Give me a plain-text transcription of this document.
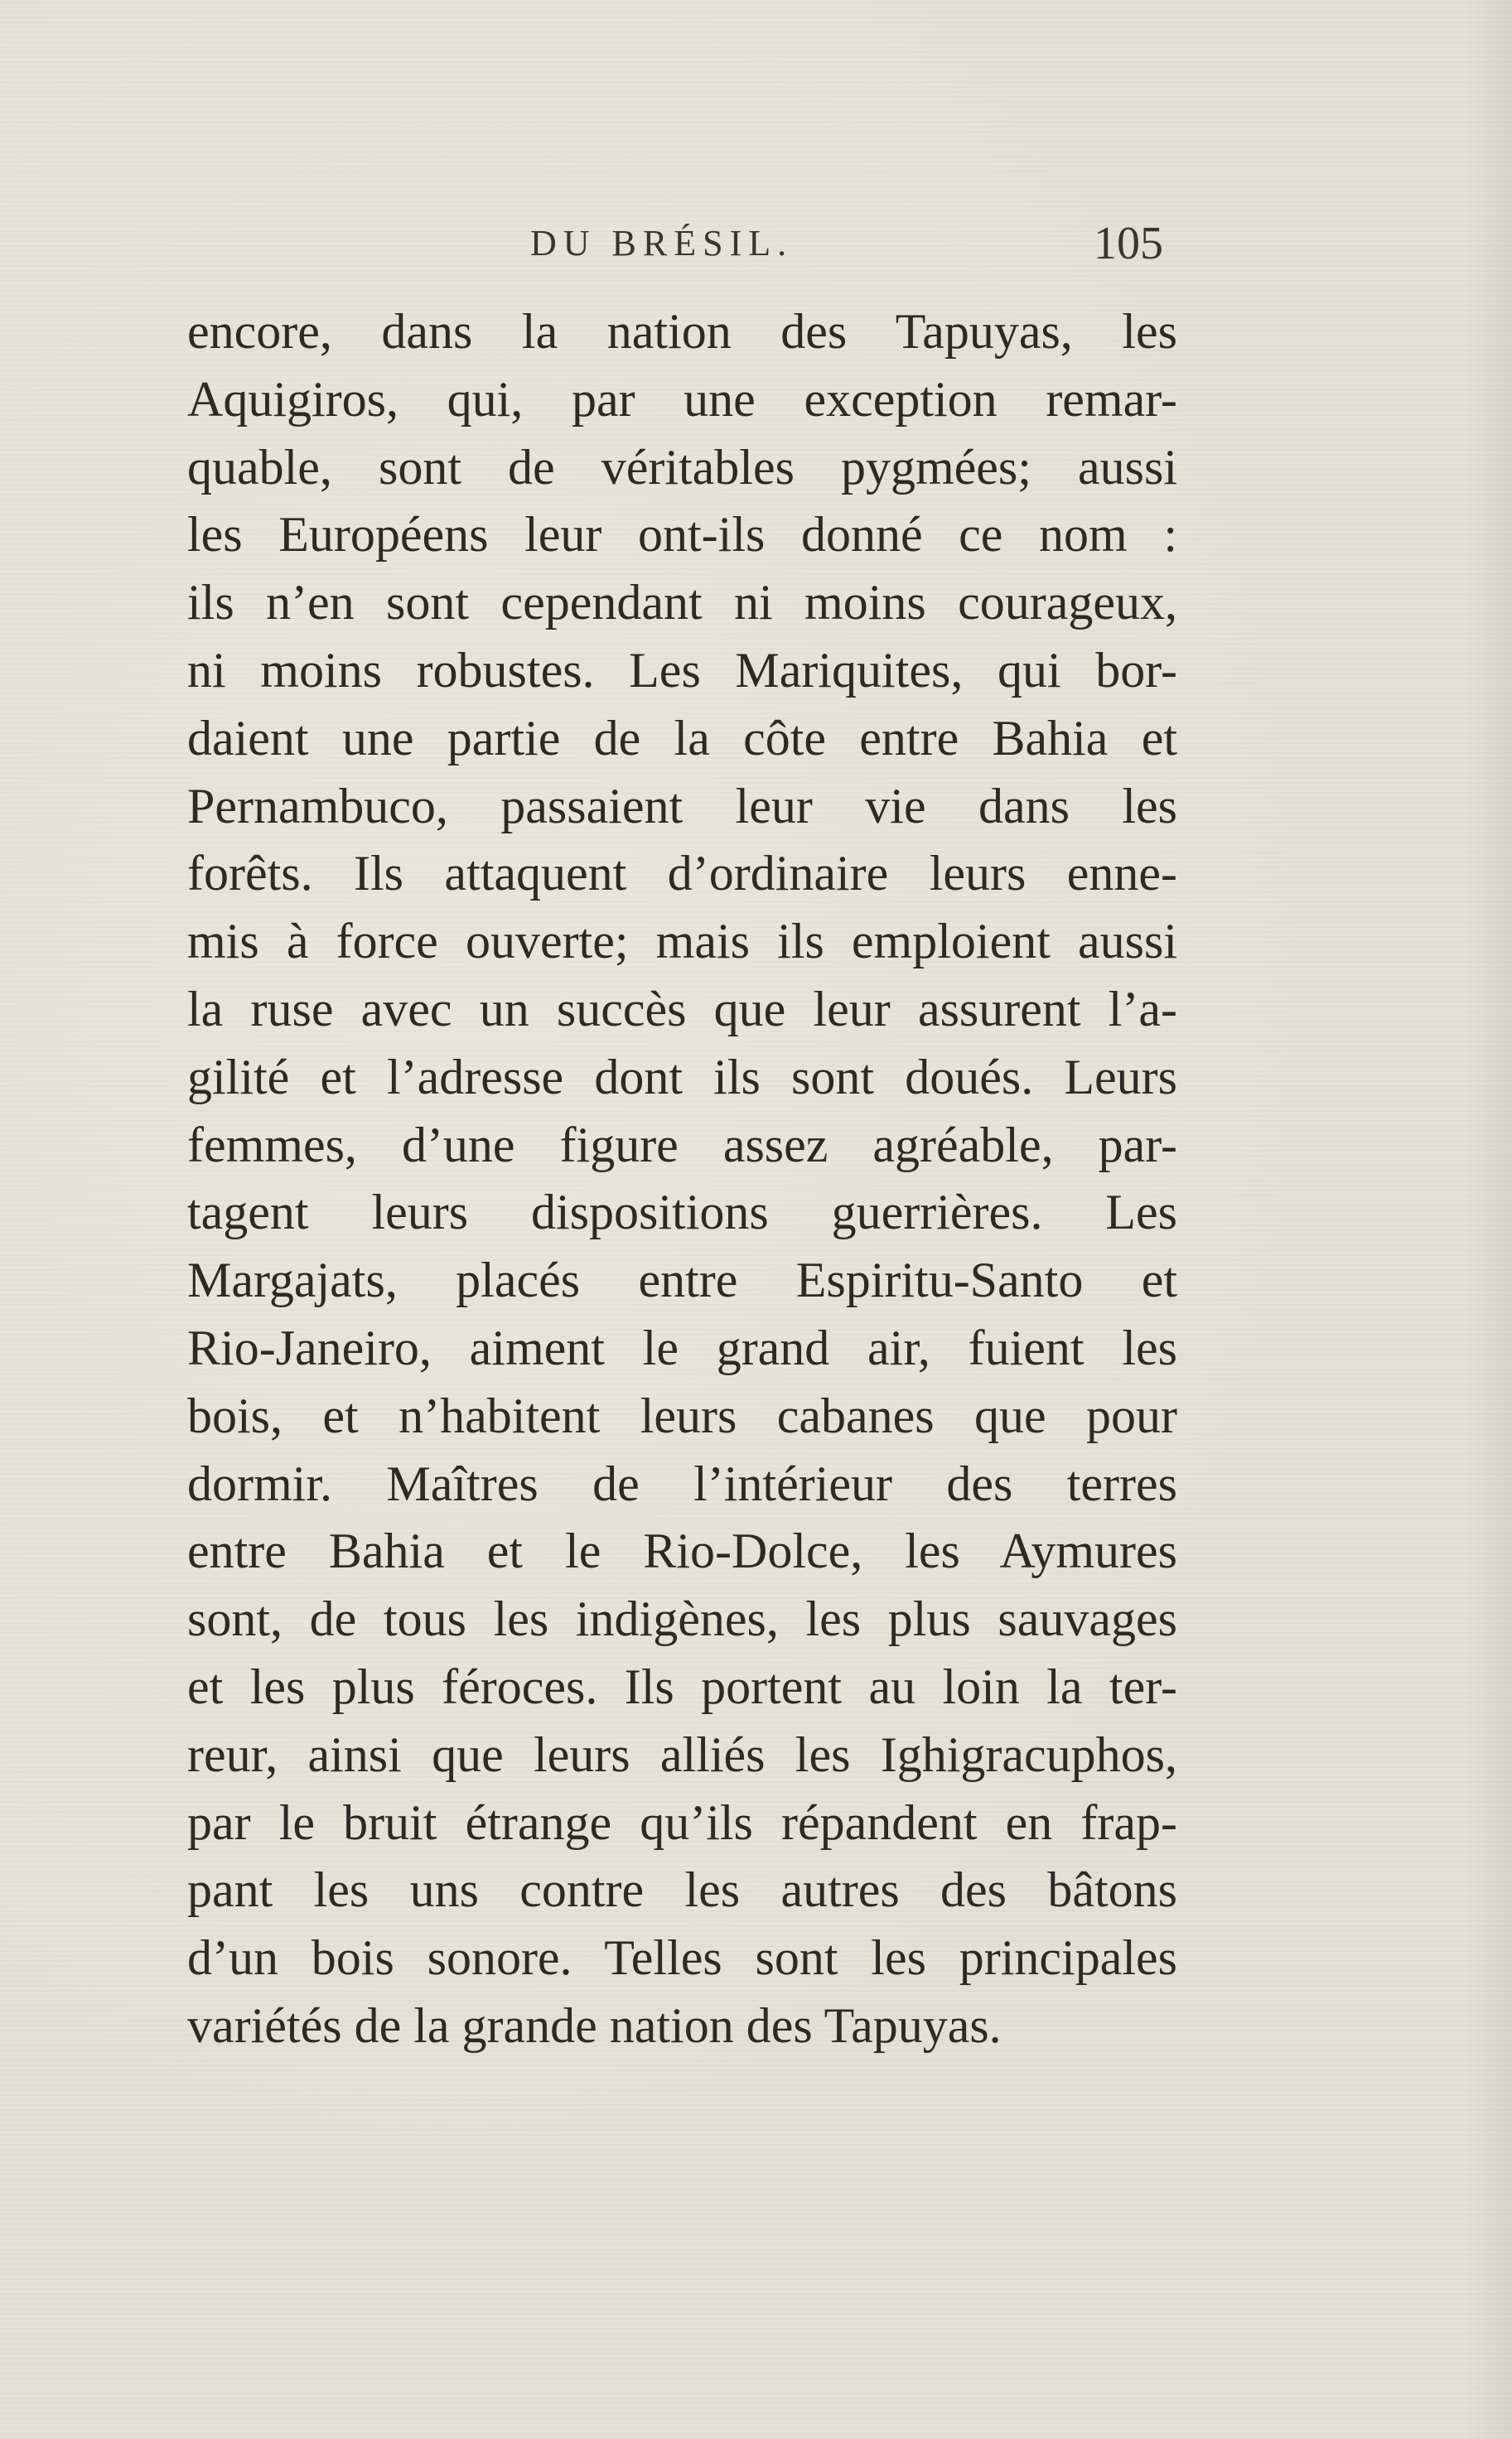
DU BRÉSIL.	105
encore, dans la nation des Tapuyas, les
Aquigiros, qui, par une exception remar-
quable, sont de véritables pygmées; aussi
les Européens leur ont-ils donné ce nom :
ils n’en sont cependant ni moins courageux,
ni moins robustes. Les Mariquites, qui bor-
daient une partie de la côte entre Bahia et
Pernambuco, passaient leur vie dans les
forêts. Ils attaquent d’ordinaire leurs enne-
mis à force ouverte; mais ils emploient aussi
la ruse avec un succès que leur assurent l’a-
gilité et l’adresse dont ils sont doués. Leurs
femmes, d’une figure assez agréable, par-
tagent leurs dispositions guerrières. Les
Margajats, placés entre Espiritu-Santo et
Rio-Janeiro, aiment le grand air, fuient les
bois, et n’habitent leurs cabanes que pour
dormir. Maîtres de l’intérieur des terres
entre Bahia et le Rio-Dolce, les Aymures
sont, de tous les indigènes, les plus sauvages
et les plus féroces. Ils portent au loin la ter-
reur, ainsi que leurs alliés les Ighigracuphos,
par le bruit étrange qu’ils répandent en frap-
pant les uns contre les autres des bâtons
d’un bois sonore. Telles sont les principales
variétés de la grande nation des Tapuyas.
